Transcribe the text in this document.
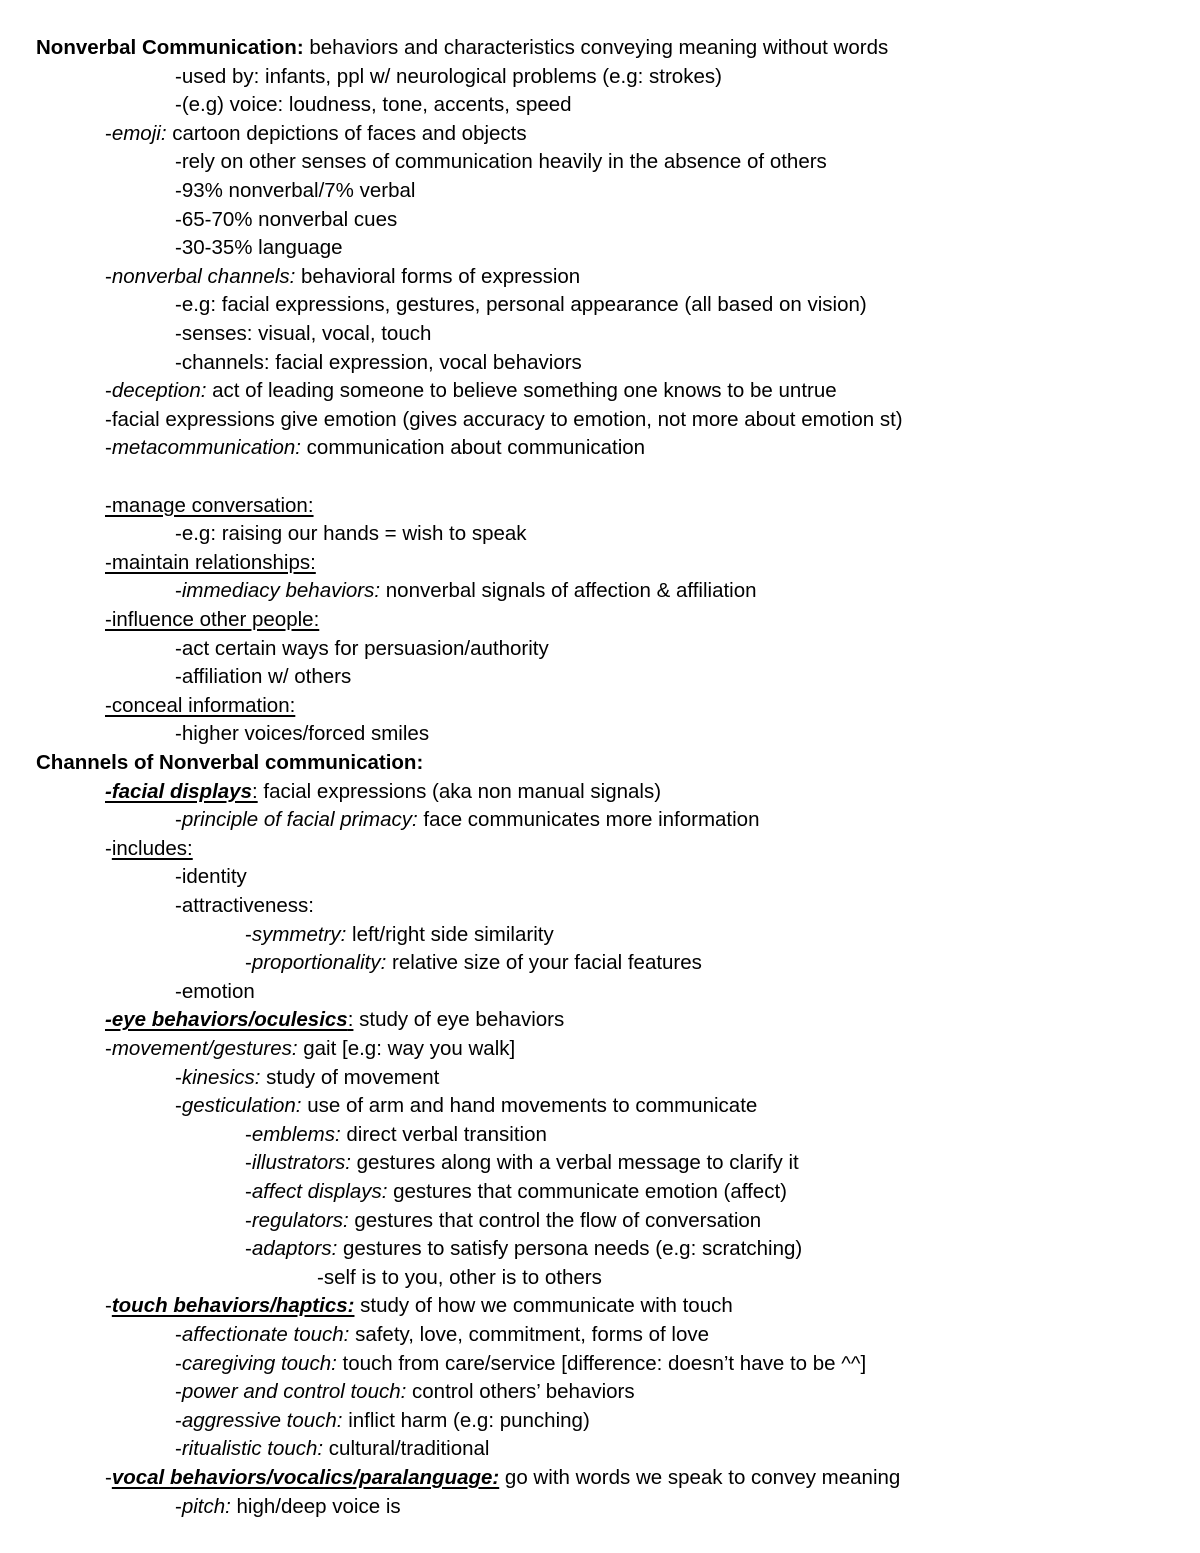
Nonverbal Communication: behaviors and characteristics conveying meaning without words
-used by: infants, ppl w/ neurological problems (e.g: strokes)
-(e.g) voice: loudness, tone, accents, speed
-emoji: cartoon depictions of faces and objects
-rely on other senses of communication heavily in the absence of others
-93% nonverbal/7% verbal
-65-70% nonverbal cues
-30-35% language
-nonverbal channels: behavioral forms of expression
-e.g: facial expressions, gestures, personal appearance (all based on vision)
-senses: visual, vocal, touch
-channels: facial expression, vocal behaviors
-deception: act of leading someone to believe something one knows to be untrue
-facial expressions give emotion (gives accuracy to emotion, not more about emotion st)
-metacommunication: communication about communication
-manage conversation:
-e.g: raising our hands = wish to speak
-maintain relationships:
-immediacy behaviors: nonverbal signals of affection & affiliation
-influence other people:
-act certain ways for persuasion/authority
-affiliation w/ others
-conceal information:
-higher voices/forced smiles
Channels of Nonverbal communication:
-facial displays: facial expressions (aka non manual signals)
-principle of facial primacy: face communicates more information
-includes:
-identity
-attractiveness:
-symmetry: left/right side similarity
-proportionality: relative size of your facial features
-emotion
-eye behaviors/oculesics: study of eye behaviors
-movement/gestures: gait [e.g: way you walk]
-kinesics: study of movement
-gesticulation: use of arm and hand movements to communicate
-emblems: direct verbal transition
-illustrators: gestures along with a verbal message to clarify it
-affect displays: gestures that communicate emotion (affect)
-regulators: gestures that control the flow of conversation
-adaptors: gestures to satisfy persona needs (e.g: scratching)
-self is to you, other is to others
-touch behaviors/haptics: study of how we communicate with touch
-affectionate touch: safety, love, commitment, forms of love
-caregiving touch: touch from care/service [difference: doesn’t have to be ^^]
-power and control touch: control others’ behaviors
-aggressive touch: inflict harm (e.g: punching)
-ritualistic touch: cultural/traditional
-vocal behaviors/vocalics/paralanguage: go with words we speak to convey meaning
-pitch: high/deep voice is
